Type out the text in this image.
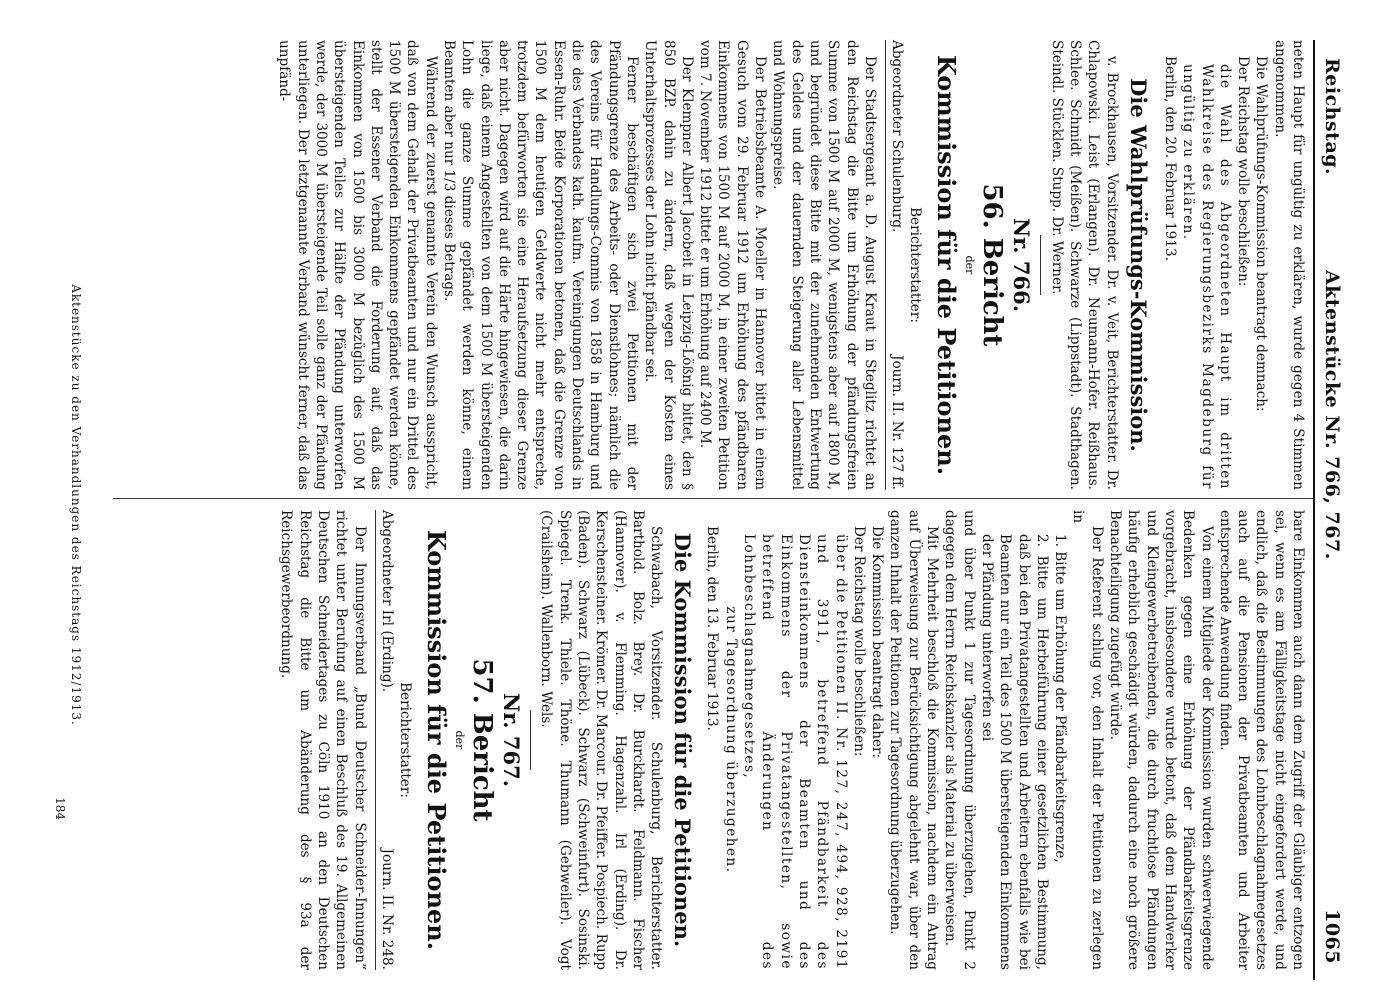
Reichstag.
Aktenstücke Nr. 766, 767.
1065

neten Haupt für ungültig zu erklären, wurde gegen 4 Stimmen angenommen.

Die Wahlprüfungs-Kommission beantragt demnach:

Der Reichstag wolle beschließen:

die Wahl des Abgeordneten Haupt im dritten Wahlkreise des Regierungsbezirks Magdeburg für ungültig zu erklären.

Berlin, den 20. Februar 1913.

Die Wahlprüfungs-Kommission.

v. Brockhausen, Vorsitzender. Dr. v. Veit, Berichterstatter. Dr. Chlapowski. Leist (Erlangen). Dr. Neumann-Hofer. Reißhaus. Schlee. Schmidt (Meißen). Schwarze (Lippstadt). Stadthagen. Steindl. Stücklen. Stupp. Dr. Werner.

Nr. 766.

56. Bericht

der

Kommission für die Petitionen.

Berichterstatter:

Abgeordneter Schulenburg.
Journ. II. Nr. 127 ff.

Der Stadtsergeant a. D. August Kraut in Steglitz richtet an den Reichstag die Bitte um Erhöhung der pfändungsfreien Summe von 1500 M auf 2000 M, wenigstens aber auf 1800 M, und begründet diese Bitte mit der zunehmenden Entwertung des Geldes und der dauernden Steigerung aller Lebensmittel und Wohnungspreise.

Der Betriebsbeamte A. Moeller in Hannover bittet in einem Gesuch vom 29. Februar 1912 um Erhöhung des pfändbaren Einkommens von 1500 M auf 2000 M, in einer zweiten Petition vom 7. November 1912 bittet er um Erhöhung auf 2400 M.

Der Klempner Albert Jacobeit in Leipzig-Lößnig bittet, den § 850 BZP. dahin zu ändern, daß wegen der Kosten eines Unterhaltsprozesses der Lohn nicht pfändbar sei.

Ferner beschäftigen sich zwei Petitionen mit der Pfändungsgrenze des Arbeits- oder Dienstlohnes; nämlich die des Vereins für Handlungs-Commis von 1858 in Hamburg und die des Verbandes kath. kaufm. Vereinigungen Deutschlands in Essen-Ruhr. Beide Korporationen betonen, daß die Grenze von 1500 M dem heutigen Geldwerte nicht mehr entspreche, trotzdem befürworten sie eine Heraufsetzung dieser Grenze aber nicht. Dagegen wird auf die Härte hingewiesen, die darin liege, daß einem Angestellten von dem 1500 M übersteigenden Lohn die ganze Summe gepfändet werden könne, einem Beamten aber nur 1/3 dieses Betrags.

Während der zuerst genannte Verein den Wunsch ausspricht, daß von dem Gehalt der Privatbeamten und nur ein Drittel des 1500 M übersteigenden Einkommens gepfändet werden könne, stellt der Essener Verband die Forderung auf, daß das Einkommen von 1500 bis 3000 M bezüglich des 1500 M übersteigenden Teiles zur Hälfte der Pfändung unterworfen werde, der 3000 M übersteigende Teil solle ganz der Pfändung unterliegen. Der letztgenannte Verband wünscht ferner, daß das unpfänd-

bare Einkommen auch dann dem Zugriff der Gläubiger entzogen sei, wenn es am Fälligkeitstage nicht eingefordert werde, und endlich, daß die Bestimmungen des Lohnbeschlagnahmegesetzes auch auf die Pensionen der Privatbeamten und Arbeiter entsprechende Anwendung finden.

Von einem Mitgliede der Kommission wurden schwerwiegende Bedenken gegen eine Erhöhung der Pfändbarkeitsgrenze vorgebracht, insbesondere wurde betont, daß dem Handwerker und Kleingewerbetreibenden, die durch fruchtlose Pfändungen häufig erheblich geschädigt würden, dadurch eine noch größere Benachteiligung zugefügt würde.

Der Referent schlug vor, den Inhalt der Petitionen zu zerlegen in

1. Bitte um Erhöhung der Pfändbarkeitsgrenze,

2. Bitte um Herbeiführung einer gesetzlichen Bestimmung, daß bei den Privatangestellten und Arbeitern ebenfalls wie bei Beamten nur ein Teil des 1500 M übersteigenden Einkommens der Pfändung unterworfen sei

und über Punkt 1 zur Tagesordnung überzugehen, Punkt 2 dagegen dem Herrn Reichskanzler als Material zu überweisen.

Mit Mehrheit beschloß die Kommission, nachdem ein Antrag auf Überweisung zur Berücksichtigung abgelehnt war, über den ganzen Inhalt der Petitionen zur Tagesordnung überzugehen.

Die Kommission beantragt daher:

Der Reichstag wolle beschließen:

über die Petitionen II. Nr. 127, 247, 494, 928, 2191 und 3911, betreffend Pfändbarkeit des Diensteinkommens der Beamten und des Einkommens der Privatangestellten, sowie betreffend Änderungen des Lohnbeschlagnahmegesetzes,

zur Tagesordnung überzugehen.

Berlin, den 13. Februar 1913.

Die Kommission für die Petitionen.

Schwabach, Vorsitzender. Schulenburg, Berichterstatter. Barthold. Bolz. Brey. Dr. Burckhardt. Feldmann. Fischer (Hannover). v. Flemming. Hagenzahl. Irl (Erding). Dr. Kerschensteiner. Krömer. Dr. Marcour. Dr. Pfeiffer. Pospiech. Rupp (Baden). Schwarz (Lübeck). Schwarz (Schweinfurt). Sosinski. Spiegel. Trenk. Thiele. Thöne. Thumann (Gebweiler). Vogt (Crailsheim). Wallenborn. Wels.

Nr. 767.

57. Bericht

der

Kommission für die Petitionen.

Berichterstatter:

Abgeordneter Irl (Erding).
Journ. II. Nr. 248.

Der Innungsverband „Bund Deutscher Schneider-Innungen“ richtet unter Berufung auf einen Beschluß des 19. Allgemeinen Deutschen Schneidertages zu Cöln 1910 an den Deutschen Reichstag die Bitte um Abänderung des § 93a der Reichsgewerbeordnung.

Aktenstücke zu den Verhandlungen des Reichstags 1912/1913.
184
